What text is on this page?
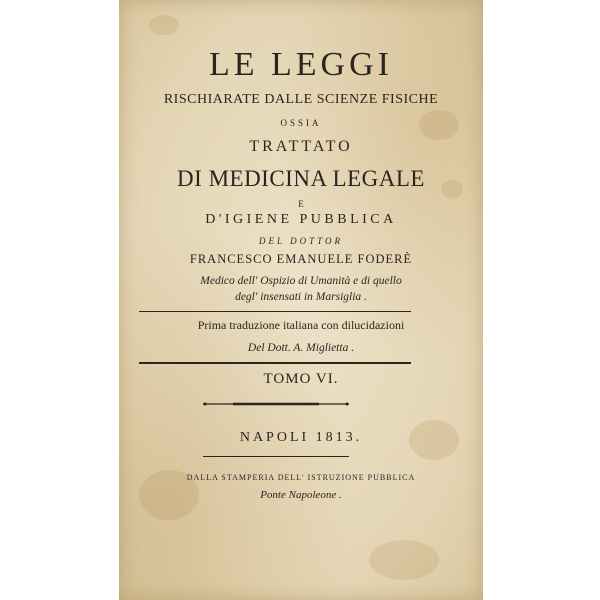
LE LEGGI
RISCHIARATE DALLE SCIENZE FISICHE
OSSIA
TRATTATO
DI MEDICINA LEGALE
E
D'IGIENE PUBBLICA
DEL DOTTOR
FRANCESCO EMANUELE FODERÈ
Medico dell' Ospizio di Umanità e di quello
degl' insensati in Marsiglia .
Prima traduzione italiana con dilucidazioni
Del Dott. A. Miglietta .
TOMO VI.
NAPOLI 1813.
DALLA STAMPERIA DELL' ISTRUZIONE PUBBLICA
Ponte Napoleone .
